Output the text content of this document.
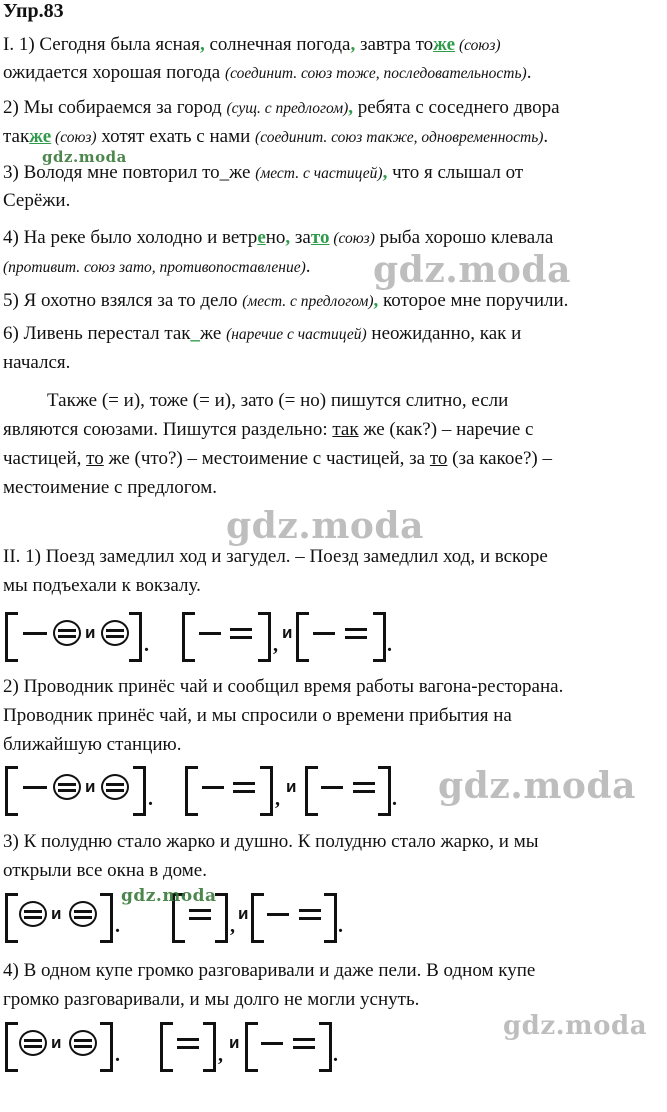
Упр.83
I. 1) Сегодня была ясная, солнечная погода, завтра тоже (союз)
ожидается хорошая погода (соединит. союз тоже, последовательность).
2) Мы собираемся за город (сущ. с предлогом), ребята с соседнего двора
также (союз) хотят ехать с нами (соединит. союз также, одновременность).
3) Володя мне повторил то_же (мест. с частицей), что я слышал от
Серёжи.
4) На реке было холодно и ветрено, зато (союз) рыба хорошо клевала
(противит. союз зато, противопоставление).
5) Я охотно взялся за то дело (мест. с предлогом), которое мне поручили.
6) Ливень перестал так_же (наречие с частицей) неожиданно, как и
начался.
Также (= и), тоже (= и), зато (= но) пишутся слитно, если
являются союзами. Пишутся раздельно: так же (как?) – наречие с
частицей, то же (что?) – местоимение с частицей, за то (за какое?) –
местоимение с предлогом.
II. 1) Поезд замедлил ход и загудел. – Поезд замедлил ход, и вскоре
мы подъехали к вокзалу.
и
.	,
и
.
2) Проводник принёс чай и сообщил время работы вагона-ресторана.
Проводник принёс чай, и мы спросили о времени прибытия на
ближайшую станцию.
и
.	,
и
.
3) К полудню стало жарко и душно. К полудню стало жарко, и мы
открыли все окна в доме.
и
.	,
и
.
4) В одном купе громко разговаривали и даже пели. В одном купе
громко разговаривали, и мы долго не могли уснуть.
и
.	,
и
.
gdz.moda
gdz.moda
gdz.moda
gdz.moda
gdz.moda
gdz.moda
